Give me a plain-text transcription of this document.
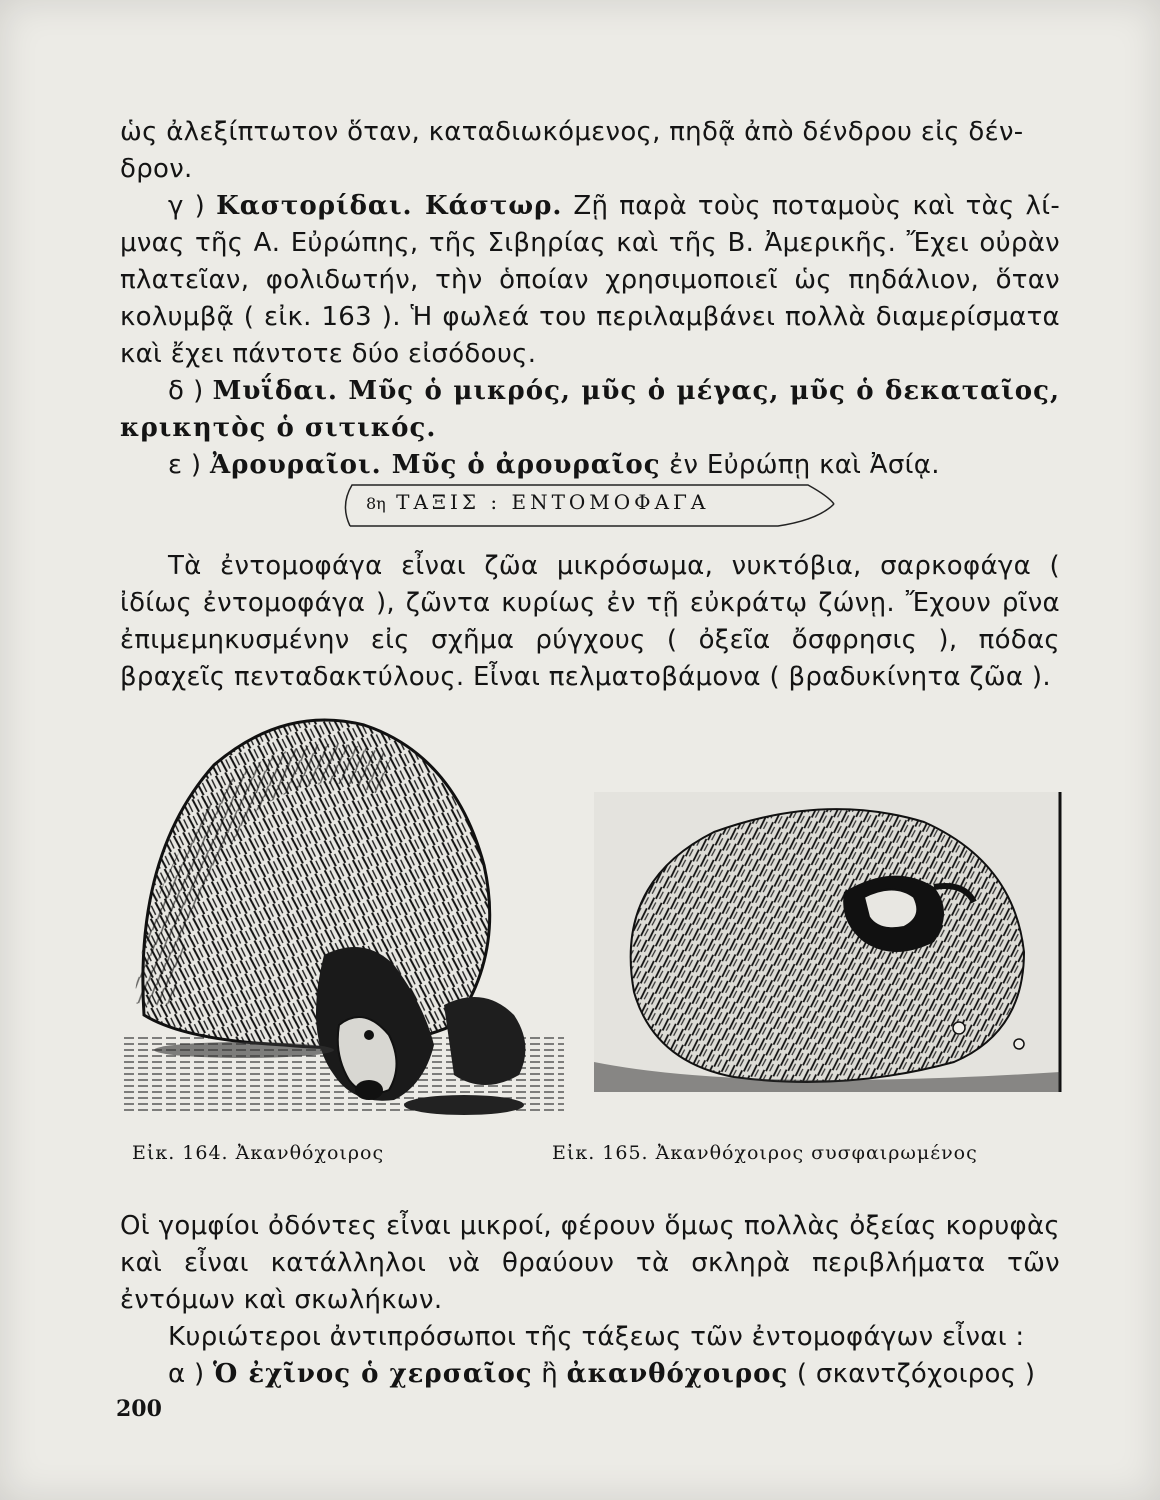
ὡς ἀλεξίπτωτον ὅταν, καταδιωκόμενος, πηδᾷ ἀπὸ δένδρου εἰς δέν-
δρον.

γ ) Καστορίδαι. Κάστωρ. Ζῇ παρὰ τοὺς ποταμοὺς καὶ τὰς λί-μνας τῆς Α. Εὐρώπης, τῆς Σιβηρίας καὶ τῆς Β. Ἀμερικῆς. Ἔχει οὐρὰν πλατεῖαν, φολιδωτήν, τὴν ὁποίαν χρησιμοποιεῖ ὡς πηδάλιον, ὅταν κολυμβᾷ ( εἰκ. 163 ). Ἡ φωλεά του περιλαμβάνει πολλὰ διαμερίσματα καὶ ἔχει πάντοτε δύο εἰσόδους.

δ ) Μυΐδαι. Μῦς ὁ μικρός, μῦς ὁ μέγας, μῦς ὁ δεκαταῖος, κρικητὸς ὁ σιτικός.

ε ) Ἀρουραῖοι. Μῦς ὁ ἀρουραῖος ἐν Εὐρώπῃ καὶ Ἀσίᾳ.

8η ΤΑΞΙΣ : ΕΝΤΟΜΟΦΑΓΑ

Τὰ ἐντομοφάγα εἶναι ζῶα μικρόσωμα, νυκτόβια, σαρκοφάγα ( ἰδίως ἐντομοφάγα ), ζῶντα κυρίως ἐν τῇ εὐκράτῳ ζώνῃ. Ἔχουν ρῖνα ἐπιμεμηκυσμένην εἰς σχῆμα ρύγχους ( ὀξεῖα ὄσφρησις ), πόδας βραχεῖς πενταδακτύλους. Εἶναι πελματοβάμονα ( βραδυκίνητα ζῶα ).

Εἰκ. 164. Ἀκανθόχοιρος	Εἰκ. 165. Ἀκανθόχοιρος συσφαιρωμένος

Οἱ γομφίοι ὀδόντες εἶναι μικροί, φέρουν ὅμως πολλὰς ὀξείας κορυφὰς καὶ εἶναι κατάλληλοι νὰ θραύουν τὰ σκληρὰ περιβλήματα τῶν ἐντόμων καὶ σκωλήκων.

Κυριώτεροι ἀντιπρόσωποι τῆς τάξεως τῶν ἐντομοφάγων εἶναι :

α ) Ὁ ἐχῖνος ὁ χερσαῖος ἢ ἀκανθόχοιρος ( σκαντζόχοιρος )

200
